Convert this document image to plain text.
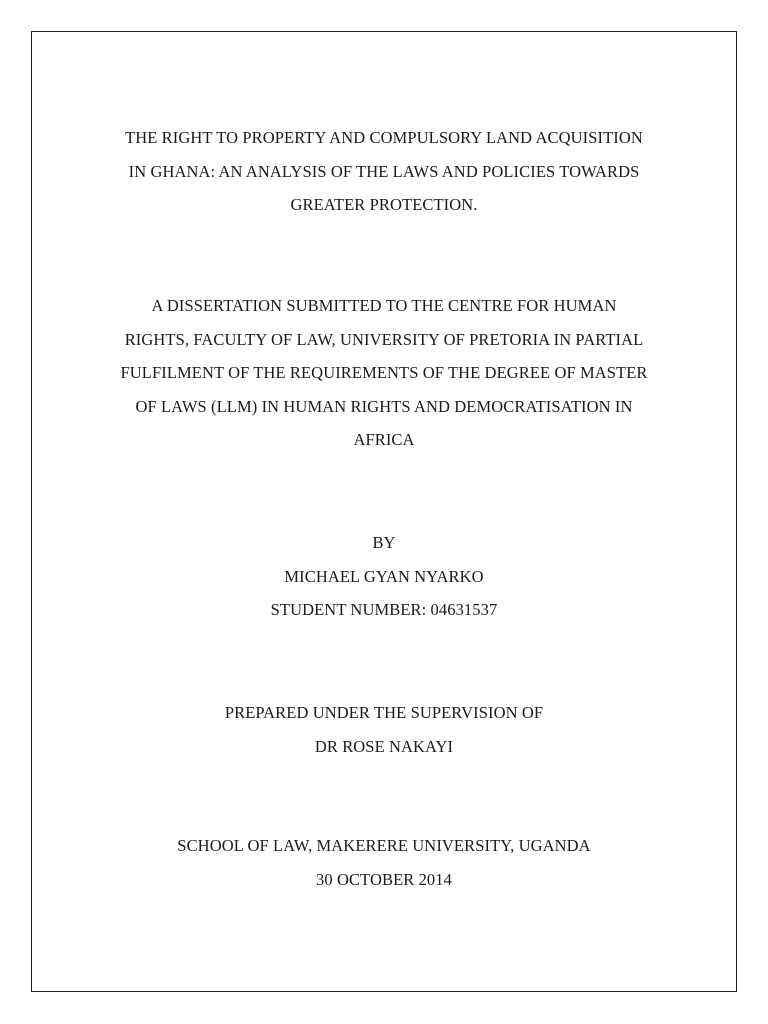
THE RIGHT TO PROPERTY AND COMPULSORY LAND ACQUISITION
IN GHANA: AN ANALYSIS OF THE LAWS AND POLICIES TOWARDS
GREATER PROTECTION.
A DISSERTATION SUBMITTED TO THE CENTRE FOR HUMAN
RIGHTS, FACULTY OF LAW, UNIVERSITY OF PRETORIA IN PARTIAL
FULFILMENT OF THE REQUIREMENTS OF THE DEGREE OF MASTER
OF LAWS (LLM) IN HUMAN RIGHTS AND DEMOCRATISATION IN
AFRICA
BY
MICHAEL GYAN NYARKO
STUDENT NUMBER: 04631537
PREPARED UNDER THE SUPERVISION OF
DR ROSE NAKAYI
SCHOOL OF LAW, MAKERERE UNIVERSITY, UGANDA
30 OCTOBER 2014
